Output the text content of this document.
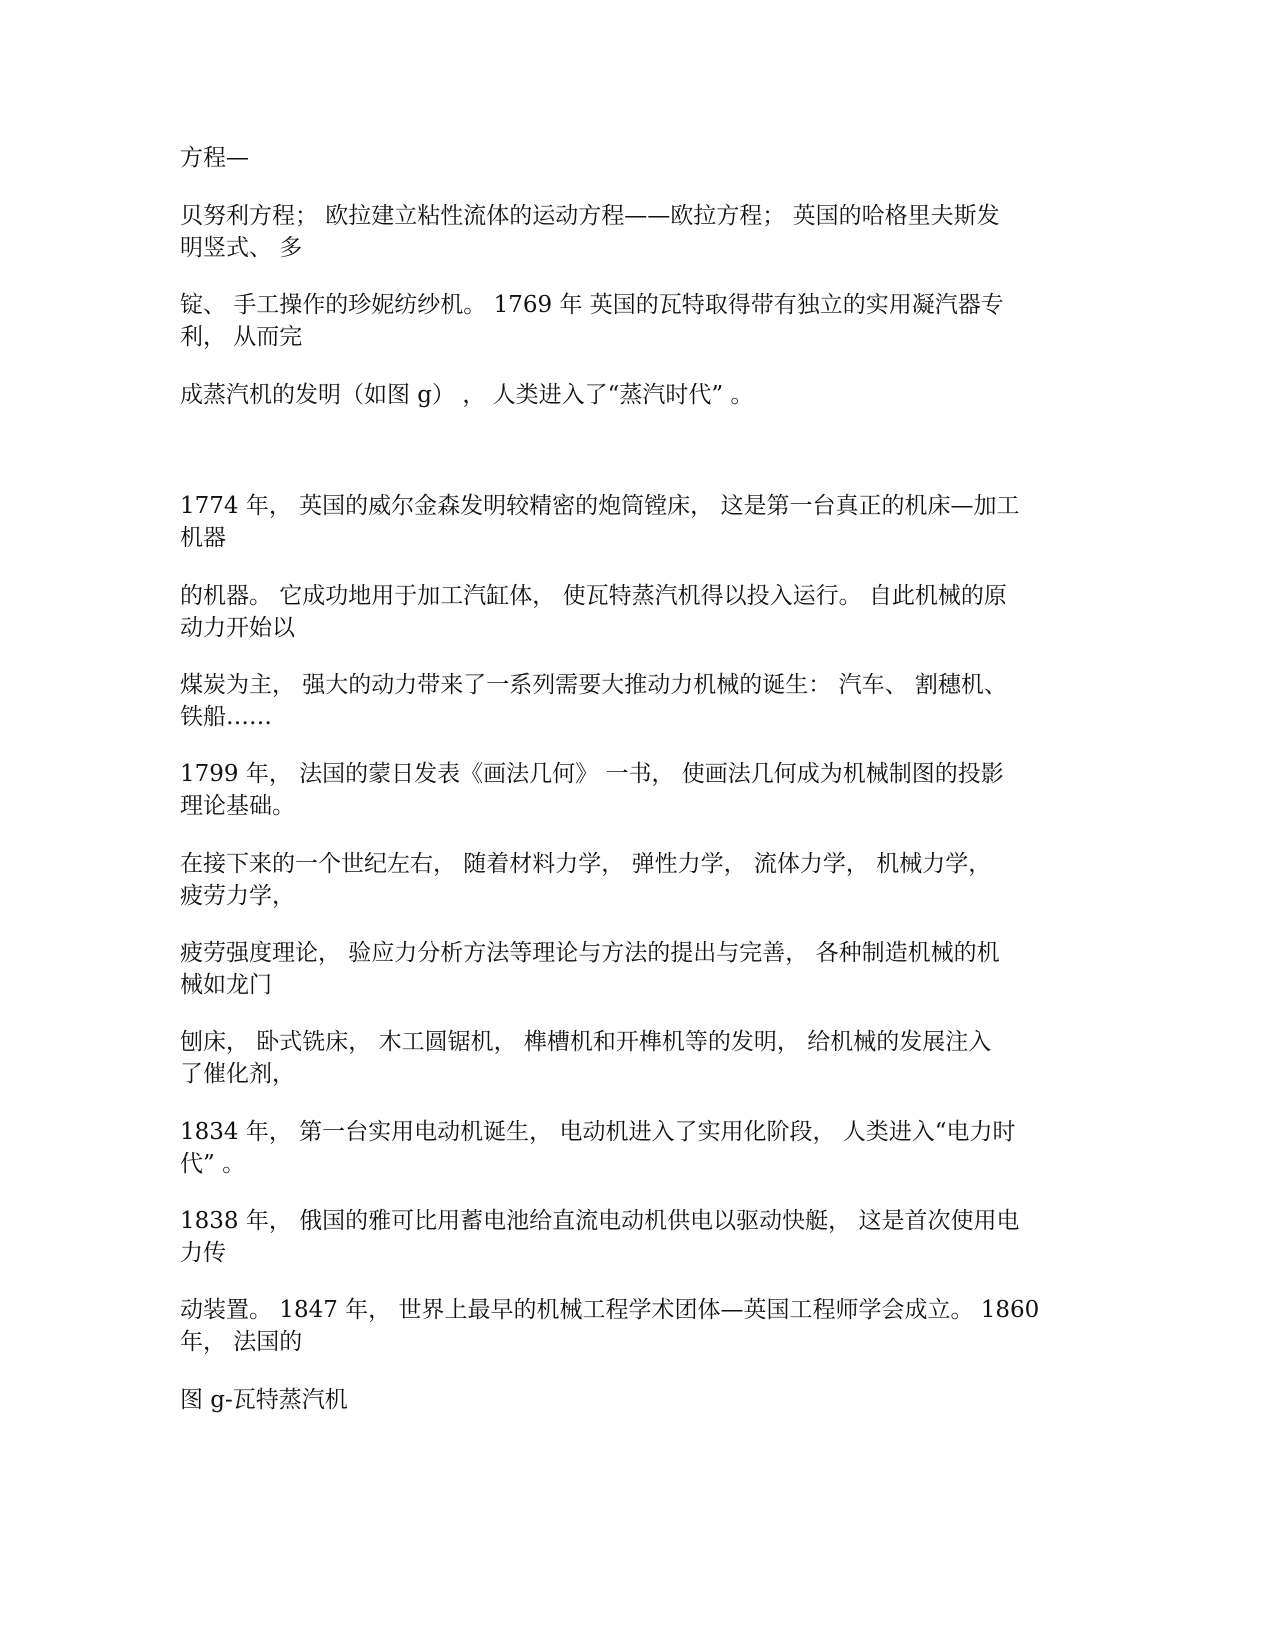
方程—

贝努利方程； 欧拉建立粘性流体的运动方程——欧拉方程； 英国的哈格里夫斯发
明竖式、 多

锭、 手工操作的珍妮纺纱机。 1769 年 英国的瓦特取得带有独立的实用凝汽器专
利， 从而完

成蒸汽机的发明（如图 g） ， 人类进入了“蒸汽时代” 。

1774 年， 英国的威尔金森发明较精密的炮筒镗床， 这是第一台真正的机床—加工
机器

的机器。 它成功地用于加工汽缸体， 使瓦特蒸汽机得以投入运行。 自此机械的原
动力开始以

煤炭为主， 强大的动力带来了一系列需要大推动力机械的诞生： 汽车、 割穗机、
铁船……

1799 年， 法国的蒙日发表《画法几何》 一书， 使画法几何成为机械制图的投影
理论基础。

在接下来的一个世纪左右， 随着材料力学， 弹性力学， 流体力学， 机械力学，
疲劳力学，

疲劳强度理论， 验应力分析方法等理论与方法的提出与完善， 各种制造机械的机
械如龙门

刨床， 卧式铣床， 木工圆锯机， 榫槽机和开榫机等的发明， 给机械的发展注入
了催化剂，

1834 年， 第一台实用电动机诞生， 电动机进入了实用化阶段， 人类进入“电力时
代” 。

1838 年， 俄国的雅可比用蓄电池给直流电动机供电以驱动快艇， 这是首次使用电
力传

动装置。 1847 年， 世界上最早的机械工程学术团体—英国工程师学会成立。 1860
年， 法国的

图 g-瓦特蒸汽机
